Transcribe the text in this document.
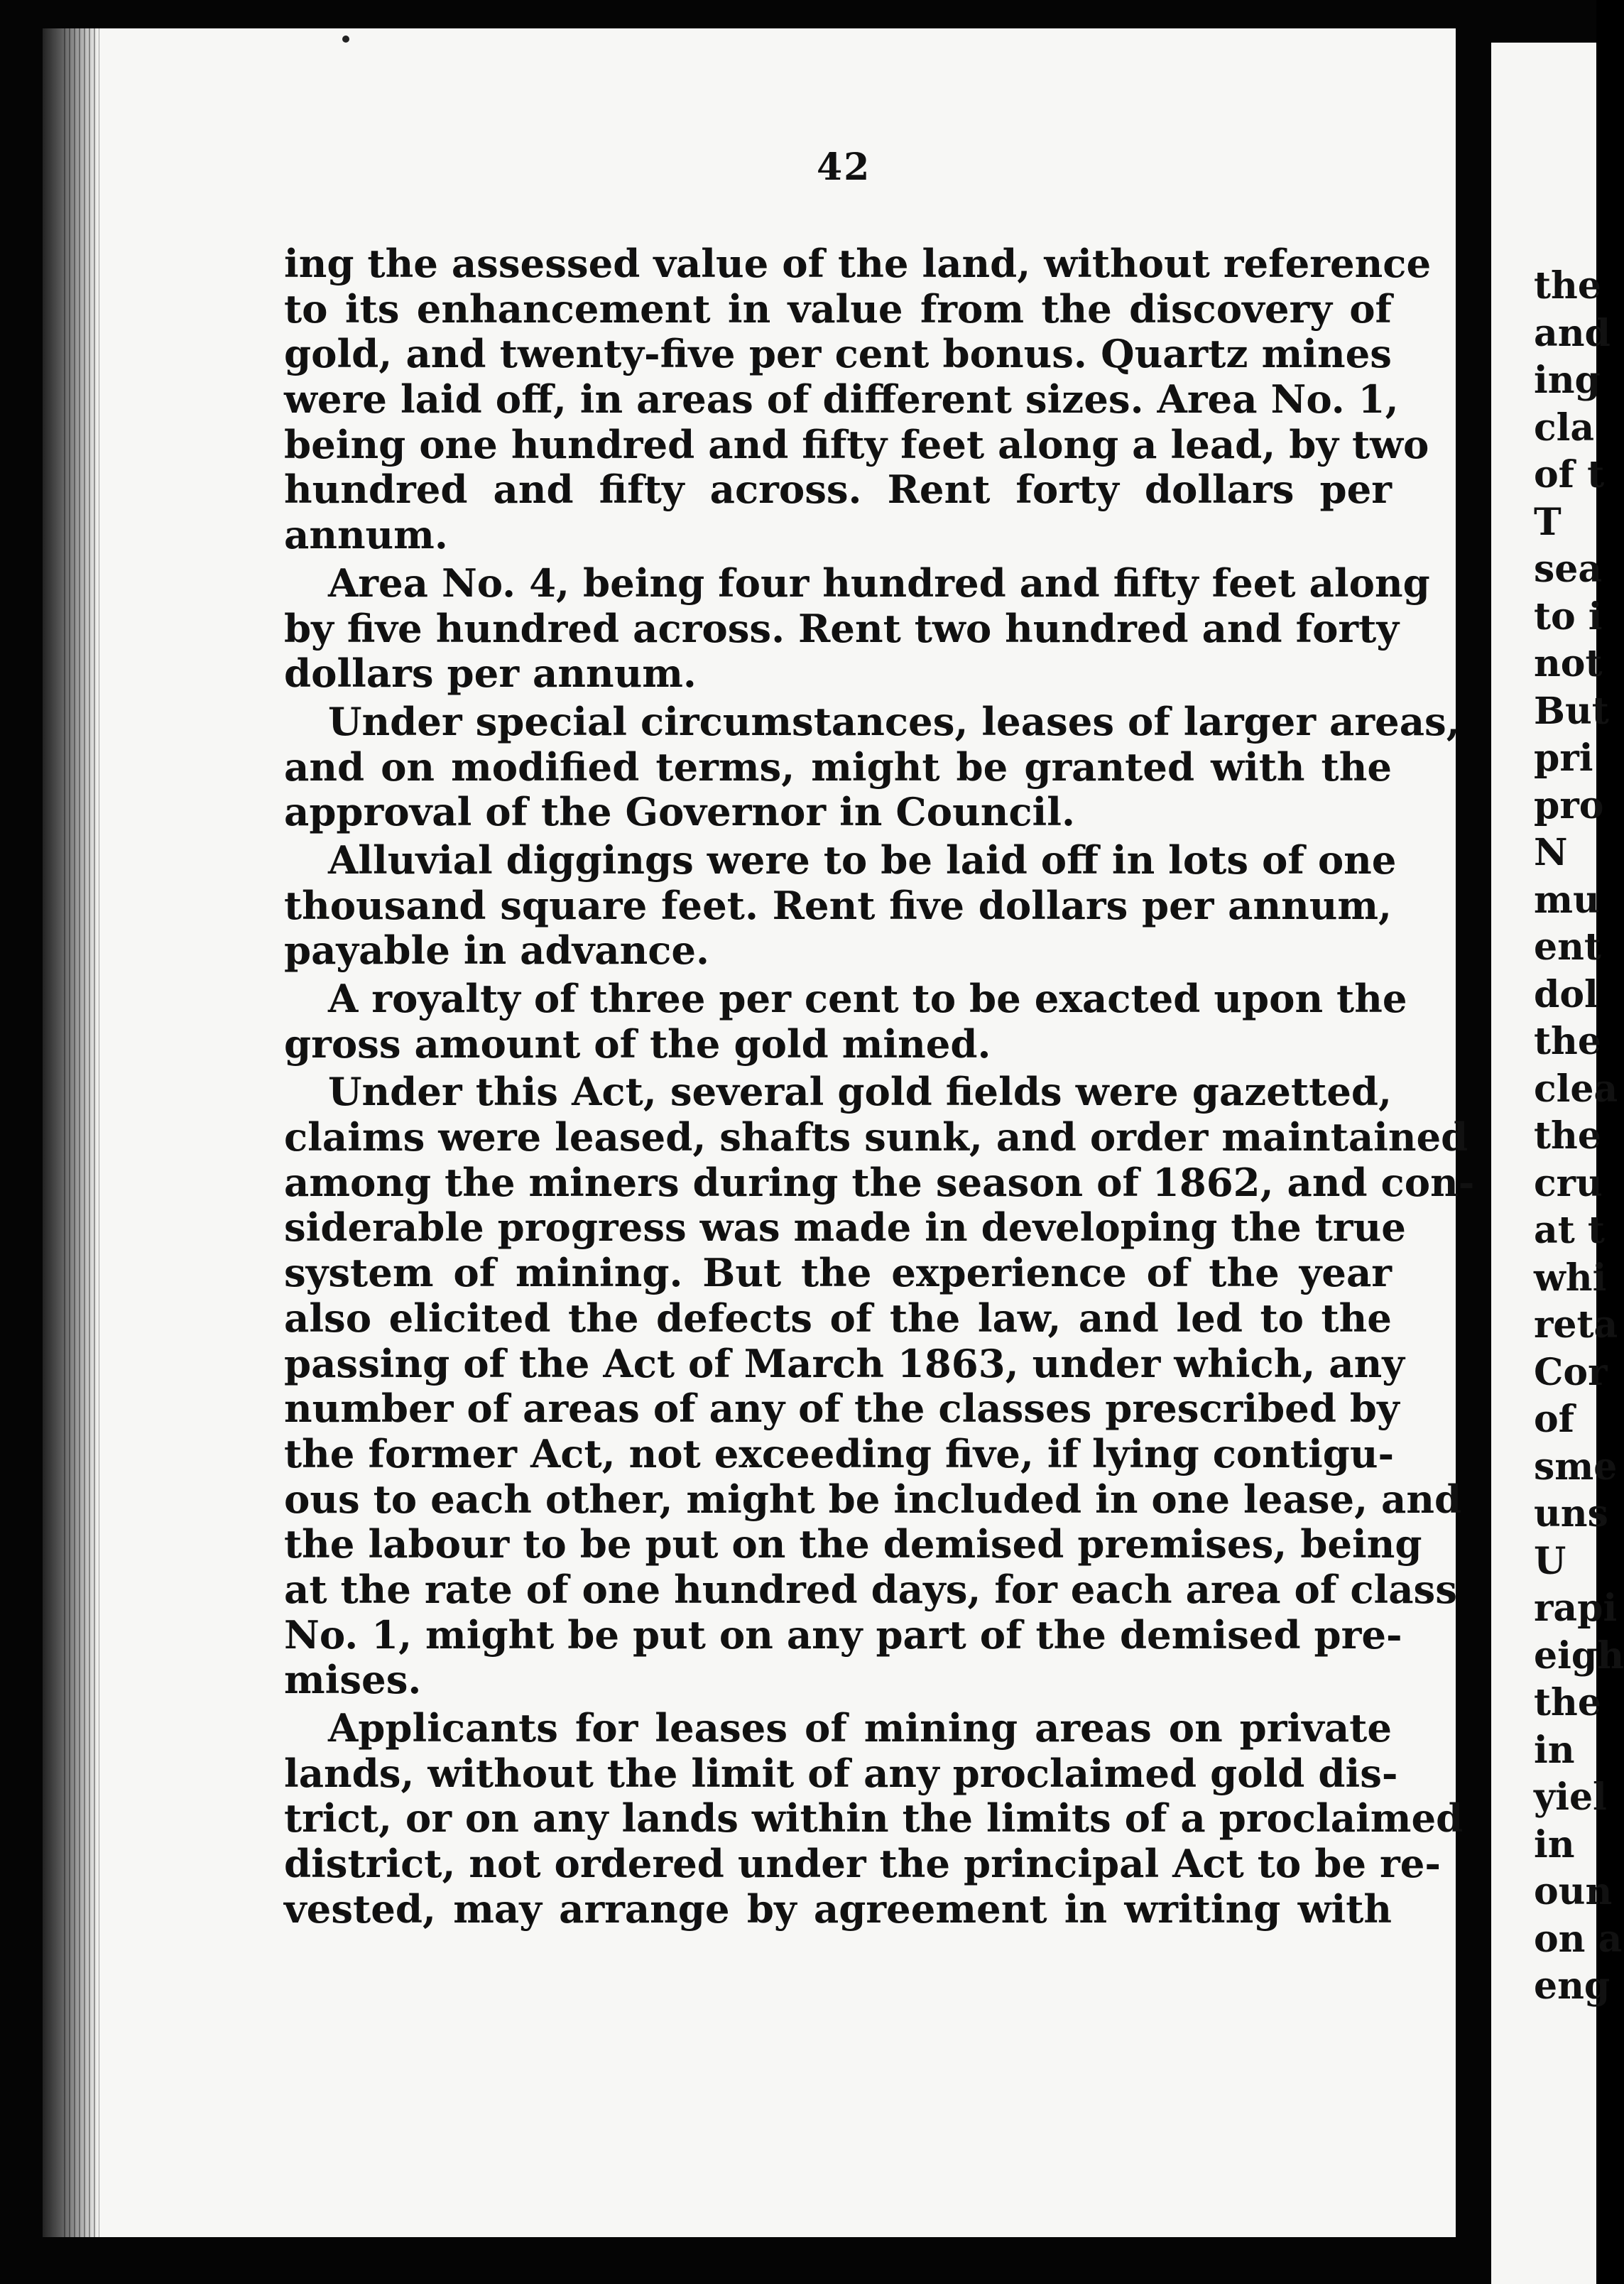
42
ing the assessed value of the land, without reference
to its enhancement in value from the discovery of
gold, and twenty-five per cent bonus. Quartz mines
were laid off, in areas of different sizes. Area No. 1,
being one hundred and fifty feet along a lead, by two
hundred and fifty across. Rent forty dollars per
annum.
Area No. 4, being four hundred and fifty feet along
by five hundred across. Rent two hundred and forty
dollars per annum.
Under special circumstances, leases of larger areas,
and on modified terms, might be granted with the
approval of the Governor in Council.
Alluvial diggings were to be laid off in lots of one
thousand square feet. Rent five dollars per annum,
payable in advance.
A royalty of three per cent to be exacted upon the
gross amount of the gold mined.
Under this Act, several gold fields were gazetted,
claims were leased, shafts sunk, and order maintained
among the miners during the season of 1862, and con-
siderable progress was made in developing the true
system of mining. But the experience of the year
also elicited the defects of the law, and led to the
passing of the Act of March 1863, under which, any
number of areas of any of the classes prescribed by
the former Act, not exceeding five, if lying contigu-
ous to each other, might be included in one lease, and
the labour to be put on the demised premises, being
at the rate of one hundred days, for each area of class
No. 1, might be put on any part of the demised pre-
mises.
Applicants for leases of mining areas on private
lands, without the limit of any proclaimed gold dis-
trict, or on any lands within the limits of a proclaimed
district, not ordered under the principal Act to be re-
vested, may arrange by agreement in writing with
the
and
ing
cla
of t
T
sea
to i
not
But
pri
pro
N
mu
ent
dol
the
clea
the
cru
at t
whi
reta
Cor
of
sme
uns
U
rapi
eigh
the
in
yiel
in
oun
on a
eng
